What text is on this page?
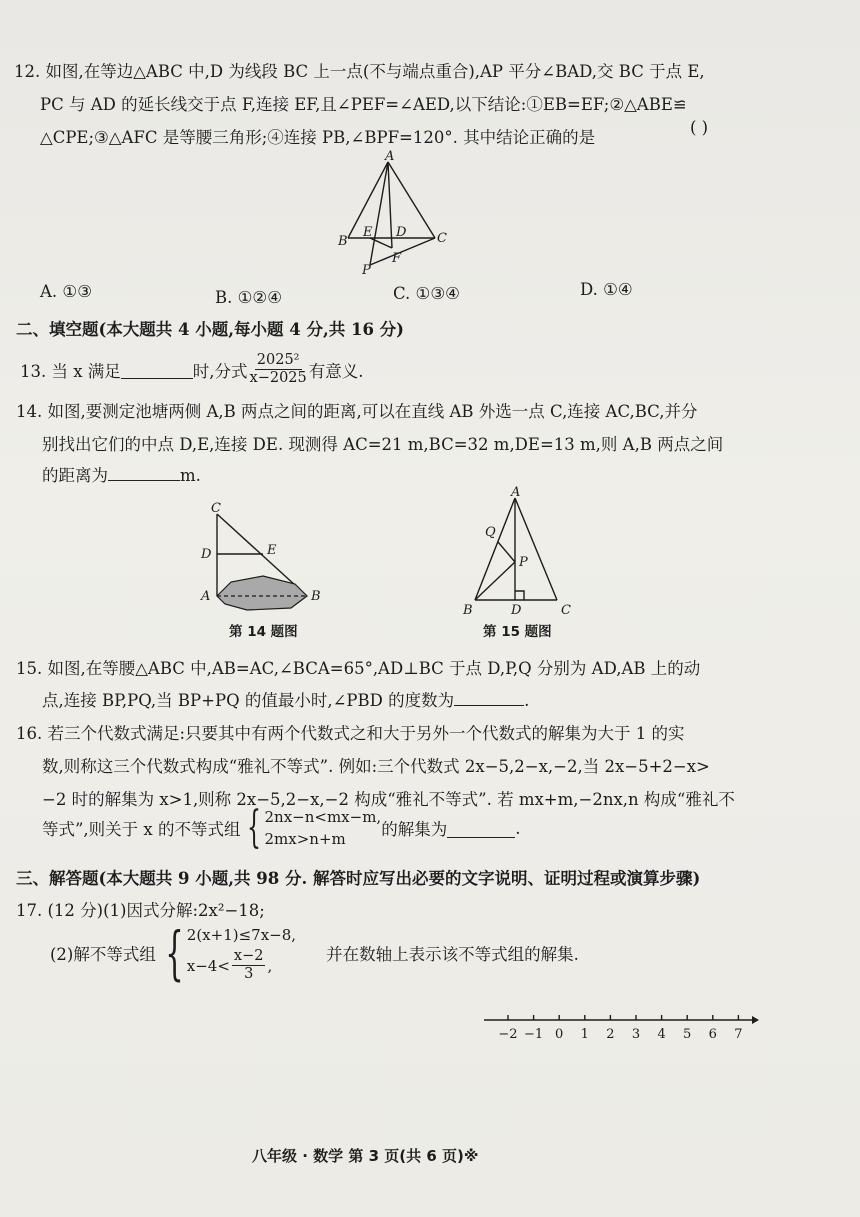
12. 如图,在等边△ABC 中,D 为线段 BC 上一点(不与端点重合),AP 平分∠BAD,交 BC 于点 E,
PC 与 AD 的延长线交于点 F,连接 EF,且∠PEF=∠AED,以下结论:①EB=EF;②△ABE≌
△CPE;③△AFC 是等腰三角形;④连接 PB,∠BPF=120°. 其中结论正确的是
( )
A
B	C
D
E
F
P
A. ①③	B. ①②④	C. ①③④	D. ①④
二、填空题(本大题共 4 小题,每小题 4 分,共 16 分)
13. 当 x 满足	时,分式 $\frac{\text{2025²}}{x-2025}$ 有意义.
14. 如图,要测定池塘两侧 A,B 两点之间的距离,可以在直线 AB 外选一点 C,连接 AC,BC,并分
别找出它们的中点 D,E,连接 DE. 现测得 AC=21 m,BC=32 m,DE=13 m,则 A,B 两点之间
的距离为	m.
C
D	E
A	B
第 14 题图
A
Q
P
B	D	C
第 15 题图
15. 如图,在等腰△ABC 中,AB=AC,∠BCA=65°,AD⊥BC 于点 D,P,Q 分别为 AD,AB 上的动
点,连接 BP,PQ,当 BP+PQ 的值最小时,∠PBD 的度数为	.
16. 若三个代数式满足:只要其中有两个代数式之和大于另外一个代数式的解集为大于 1 的实
数,则称这三个代数式构成“雅礼不等式”. 例如:三个代数式 2x−5,2−x,−2,当 2x−5+2−x>
−2 时的解集为 x>1,则称 2x−5,2−x,−2 构成“雅礼不等式”. 若 mx+m,−2nx,n 构成“雅礼不
等式”,则关于 x 的不等式组 { 2nx−n<mx−m,
2mx>n+m	的解集为	.
三、解答题(本大题共 9 小题,共 98 分. 解答时应写出必要的文字说明、证明过程或演算步骤)
17. (12 分)(1)因式分解:2x²−18;
(2)解不等式组 { 2(x+1)≤7x−8,
$x-4< \frac{x-2}{3}$ ,
并在数轴上表示该不等式组的解集.
−2 −1 0 1 2 3 4 5 6 7
八年级 · 数学 第 3 页(共 6 页)※
